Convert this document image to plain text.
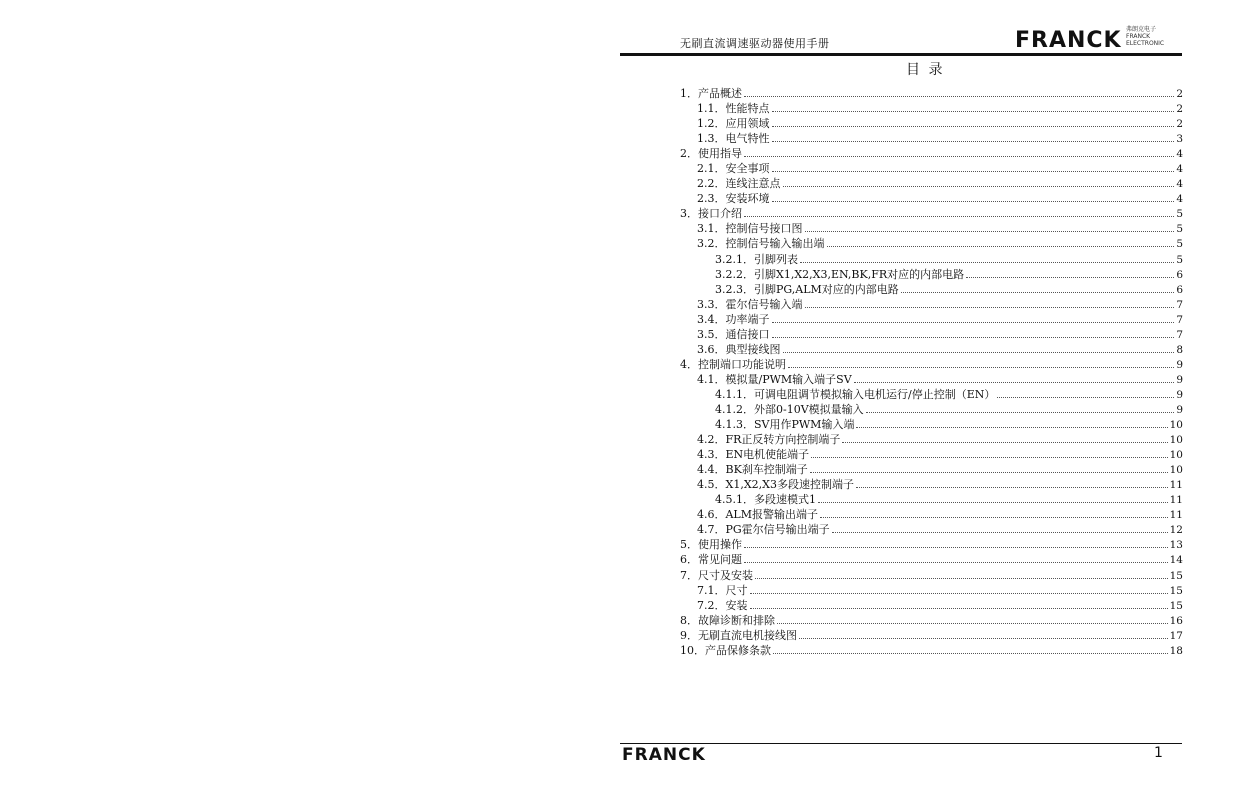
无刷直流调速驱动器使用手册	FRANCK 弗朗克电子 FRANCK ELECTRONIC
目 录
1．产品概述	2
1.1．性能特点	2
1.2．应用领域	2
1.3．电气特性	3
2．使用指导	4
2.1．安全事项	4
2.2．连线注意点	4
2.3．安装环境	4
3．接口介绍	5
3.1．控制信号接口图	5
3.2．控制信号输入输出端	5
3.2.1．引脚列表	5
3.2.2．引脚X1,X2,X3,EN,BK,FR对应的内部电路	6
3.2.3．引脚PG,ALM对应的内部电路	6
3.3．霍尔信号输入端	7
3.4．功率端子	7
3.5．通信接口	7
3.6．典型接线图	8
4．控制端口功能说明	9
4.1．模拟量/PWM输入端子SV	9
4.1.1．可调电阻调节模拟输入电机运行/停止控制（EN）	9
4.1.2．外部0-10V模拟量输入	9
4.1.3．SV用作PWM输入端	10
4.2．FR正反转方向控制端子	10
4.3．EN电机使能端子	10
4.4．BK刹车控制端子	10
4.5．X1,X2,X3多段速控制端子	11
4.5.1．多段速模式1	11
4.6．ALM报警输出端子	11
4.7．PG霍尔信号输出端子	12
5．使用操作	13
6．常见问题	14
7．尺寸及安装	15
7.1．尺寸	15
7.2．安装	15
8．故障诊断和排除	16
9．无刷直流电机接线图	17
10．产品保修条款	18
FRANCK	1
